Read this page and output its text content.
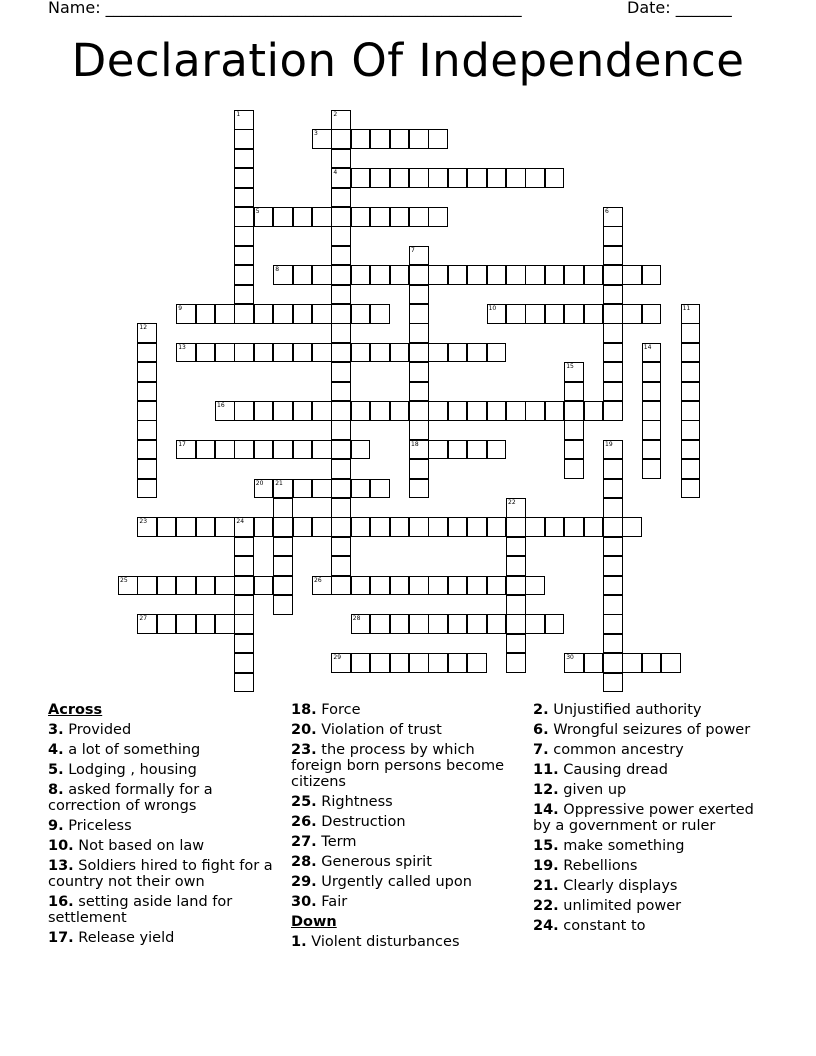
Name: ____________________________________________________	Date: _______
Declaration Of Independence
3
4
5
8
9	10
13
16
17	18
20 21
23	24
25	26
27	28
29	30
1	2
6
7
11
12
14
15
19
22
Across
3. Provided
4. a lot of something
5. Lodging , housing
8. asked formally for a correction of wrongs
9. Priceless
10. Not based on law
13. Soldiers hired to fight for a country not their own
16. setting aside land for settlement
17. Release yield
18. Force
20. Violation of trust
23. the process by which foreign born persons become citizens
25. Rightness
26. Destruction
27. Term
28. Generous spirit
29. Urgently called upon
30. Fair
Down
1. Violent disturbances
2. Unjustified authority
6. Wrongful seizures of power
7. common ancestry
11. Causing dread
12. given up
14. Oppressive power exerted by a government or ruler
15. make something
19. Rebellions
21. Clearly displays
22. unlimited power
24. constant to
